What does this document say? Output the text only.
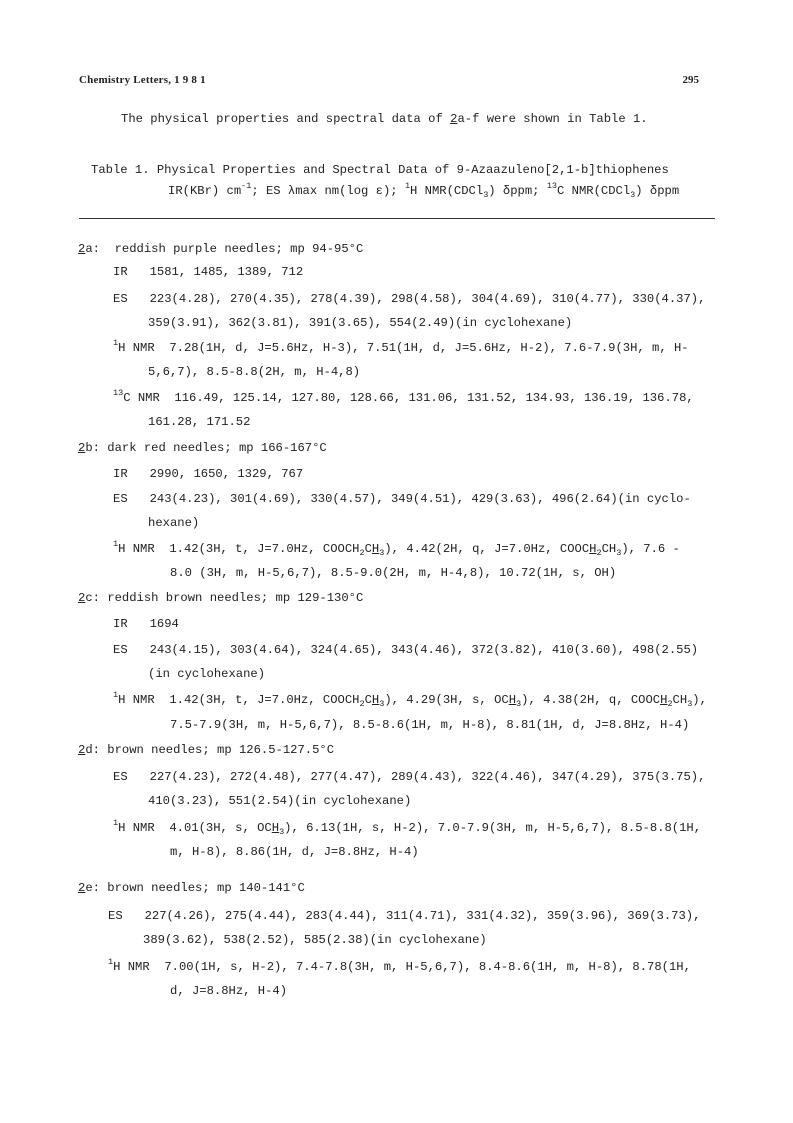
Chemistry Letters, 1 9 8 1	295
The physical properties and spectral data of 2a-f were shown in Table 1.
Table 1. Physical Properties and Spectral Data of 9-Azaazuleno[2,1-b]thiophenes
IR(KBr) $cm^{-1}$; ES λmax nm(log ε); $^1$H NMR(CDCl$_3$) δppm; $^{13}$C NMR(CDCl$_3$) δppm
2a: reddish purple needles; mp 94-95°C
IR 1581, 1485, 1389, 712
ES 223(4.28), 270(4.35), 278(4.39), 298(4.58), 304(4.69), 310(4.77), 330(4.37),
359(3.91), 362(3.81), 391(3.65), 554(2.49)(in cyclohexane)
$^1$H NMR 7.28(1H, d, J=5.6Hz, H-3), 7.51(1H, d, J=5.6Hz, H-2), 7.6-7.9(3H, m, H-
5,6,7), 8.5-8.8(2H, m, H-4,8)
$^{13}$C NMR 116.49, 125.14, 127.80, 128.66, 131.06, 131.52, 134.93, 136.19, 136.78,
161.28, 171.52
2b: dark red needles; mp 166-167°C
IR 2990, 1650, 1329, 767
ES 243(4.23), 301(4.69), 330(4.57), 349(4.51), 429(3.63), 496(2.64)(in cyclo-
hexane)
$^1$H NMR 1.42(3H, t, J=7.0Hz, $COOCH_2CH_3$), 4.42(2H, q, J=7.0Hz, $COOCH_2CH_3$), 7.6 -
8.0 (3H, m, H-5,6,7), 8.5-9.0(2H, m, H-4,8), 10.72(1H, s, OH)
2c: reddish brown needles; mp 129-130°C
IR 1694
ES 243(4.15), 303(4.64), 324(4.65), 343(4.46), 372(3.82), 410(3.60), 498(2.55)
(in cyclohexane)
$^1$H NMR 1.42(3H, t, J=7.0Hz, $COOCH_2CH_3$), 4.29(3H, s, $OCH_3$), 4.38(2H, q, $COOCH_2CH_3$),
7.5-7.9(3H, m, H-5,6,7), 8.5-8.6(1H, m, H-8), 8.81(1H, d, J=8.8Hz, H-4)
2d: brown needles; mp 126.5-127.5°C
ES 227(4.23), 272(4.48), 277(4.47), 289(4.43), 322(4.46), 347(4.29), 375(3.75),
410(3.23), 551(2.54)(in cyclohexane)
$^1$H NMR 4.01(3H, s, $OCH_3$), 6.13(1H, s, H-2), 7.0-7.9(3H, m, H-5,6,7), 8.5-8.8(1H,
m, H-8), 8.86(1H, d, J=8.8Hz, H-4)
2e: brown needles; mp 140-141°C
ES 227(4.26), 275(4.44), 283(4.44), 311(4.71), 331(4.32), 359(3.96), 369(3.73),
389(3.62), 538(2.52), 585(2.38)(in cyclohexane)
$^1$H NMR 7.00(1H, s, H-2), 7.4-7.8(3H, m, H-5,6,7), 8.4-8.6(1H, m, H-8), 8.78(1H,
d, J=8.8Hz, H-4)
